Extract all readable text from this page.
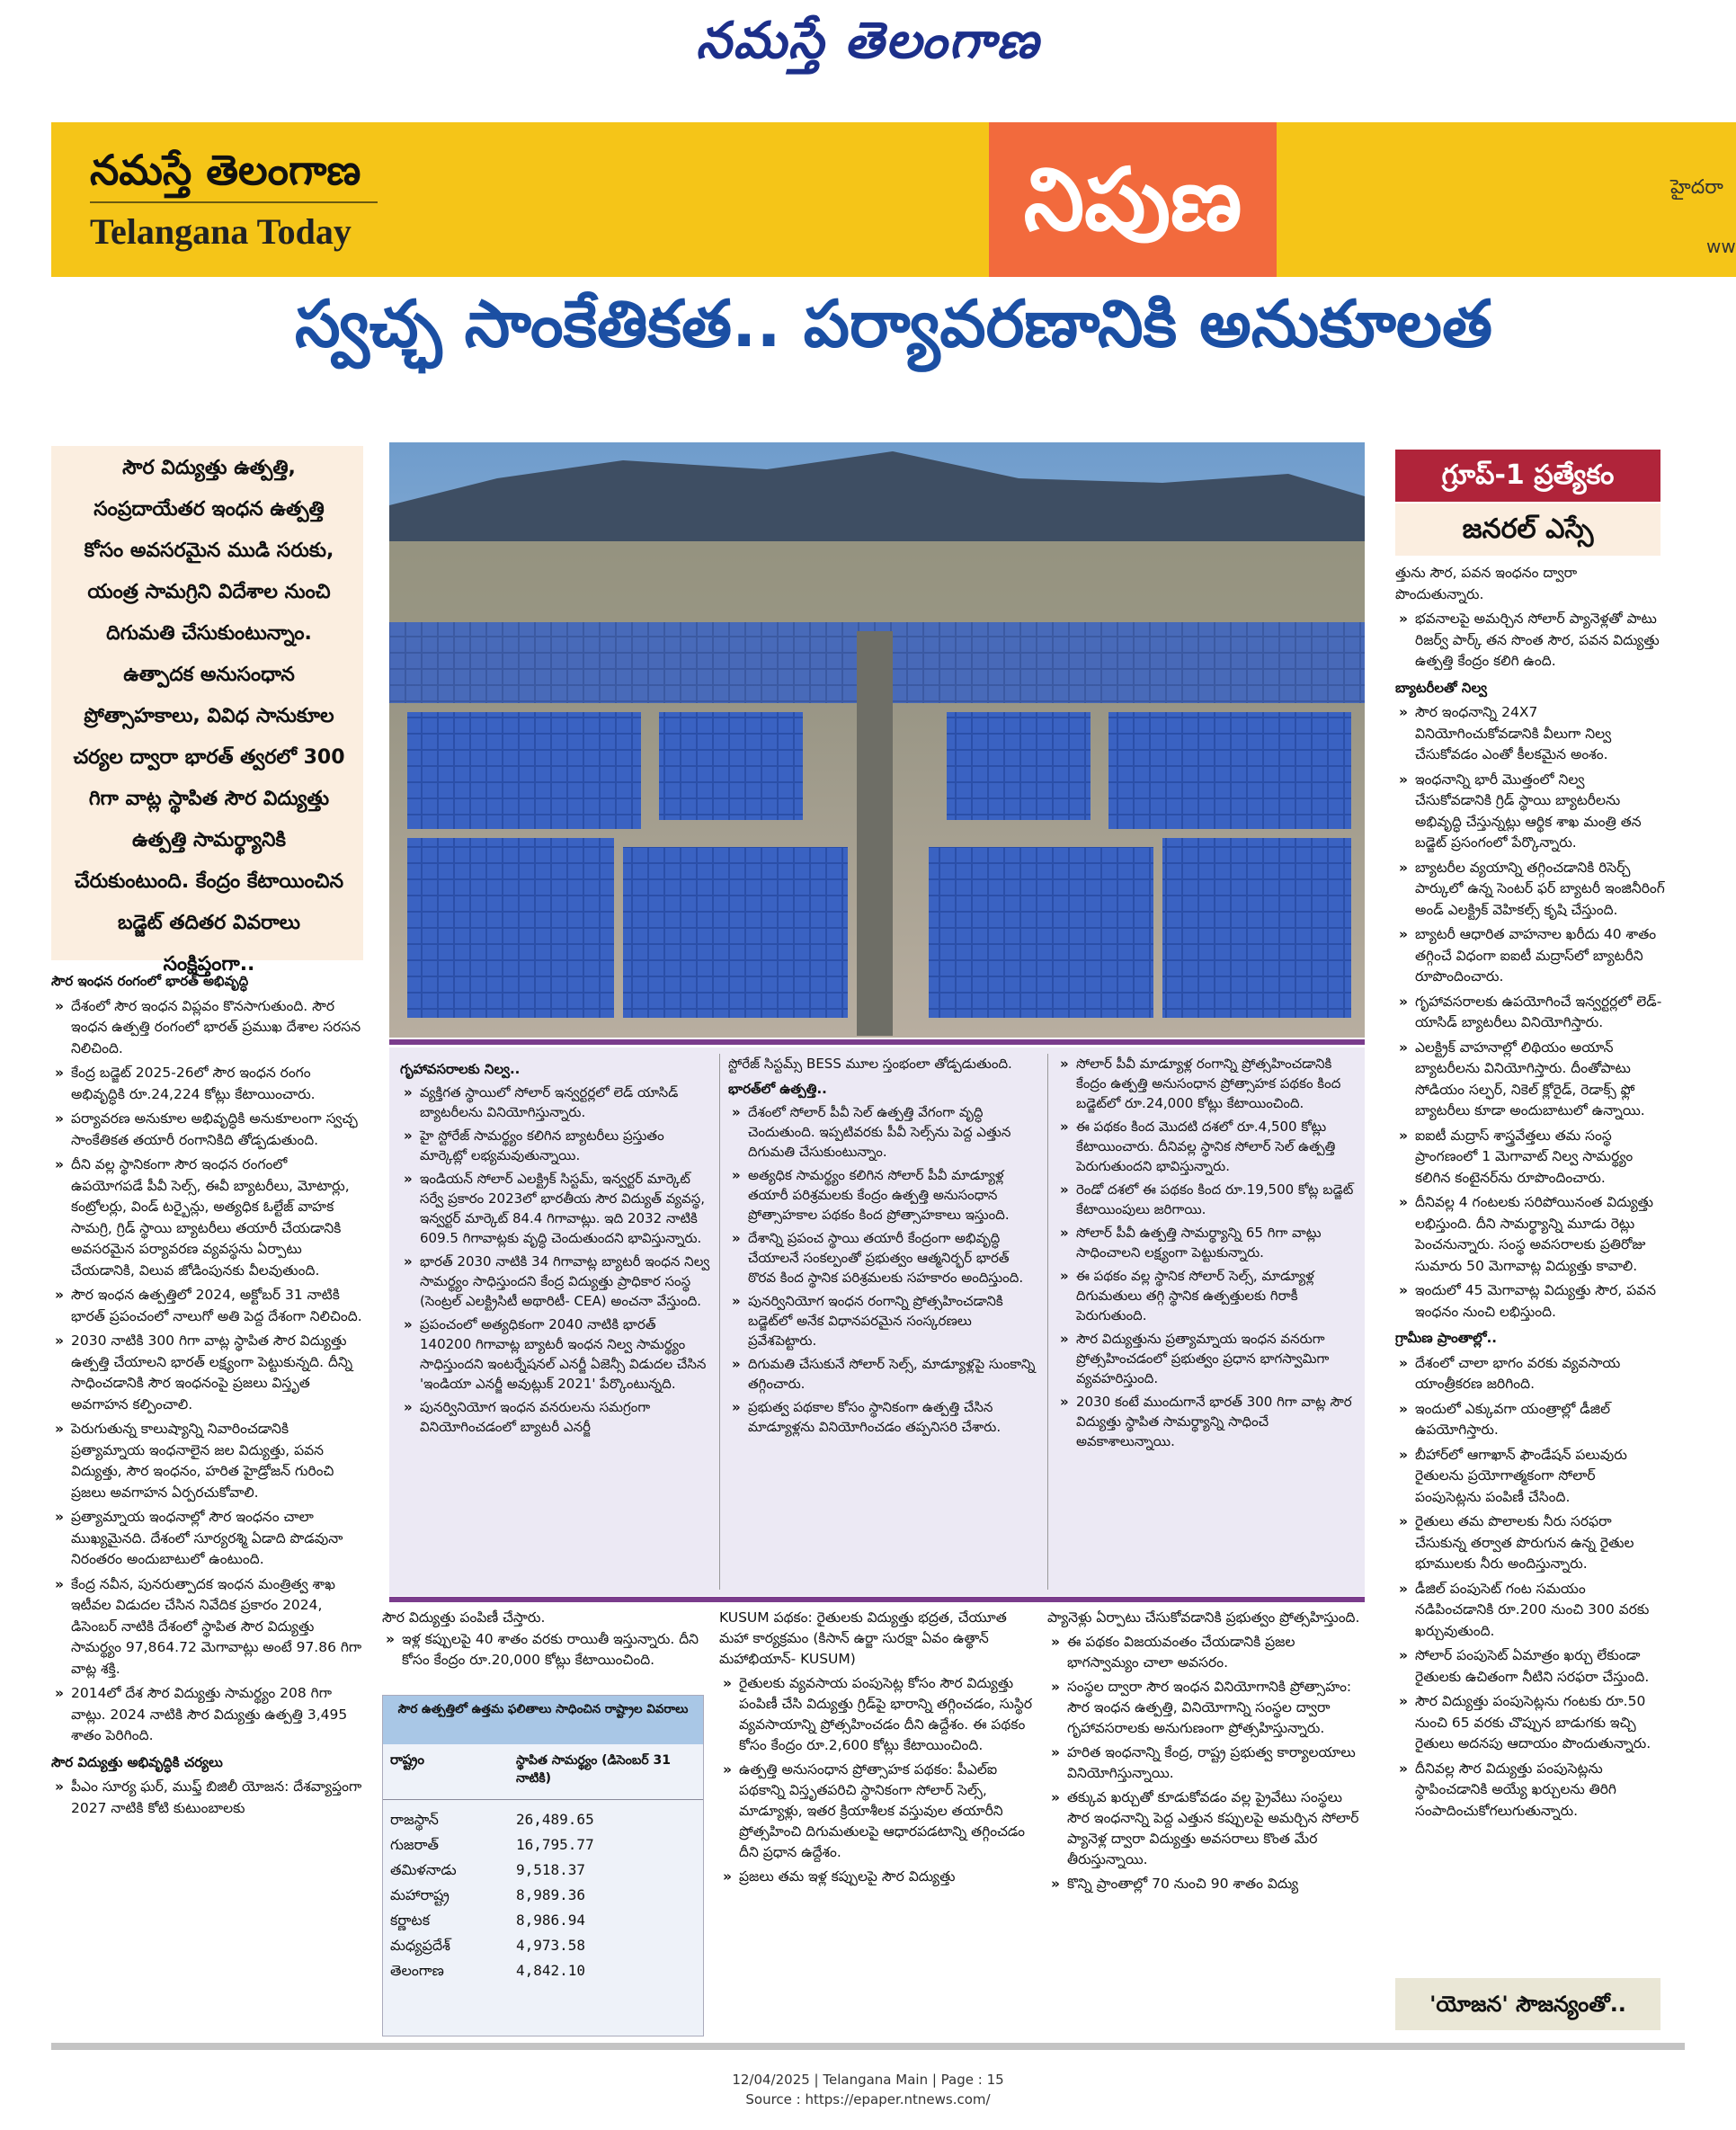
నమస్తే తెలంగాణ
నమస్తే తెలంగాణ
Telangana Today	నిపుణ	హైదరా
ww
స్వచ్ఛ సాంకేతికత.. పర్యావరణానికి అనుకూలత
సౌర విద్యుత్తు ఉత్పత్తి, సంప్రదాయేతర ఇంధన ఉత్పత్తి కోసం అవసరమైన ముడి సరుకు, యంత్ర సామగ్రిని విదేశాల నుంచి దిగుమతి చేసుకుంటున్నాం. ఉత్పాదక అనుసంధాన ప్రోత్సాహకాలు, వివిధ సానుకూల చర్యల ద్వారా భారత్ త్వరలో 300 గిగా వాట్ల స్థాపిత సౌర విద్యుత్తు ఉత్పత్తి సామర్థ్యానికి చేరుకుంటుంది. కేంద్రం కేటాయించిన బడ్జెట్ తదితర వివరాలు సంక్షిప్తంగా..
సౌర ఇంధన రంగంలో భారత్ అభివృద్ధి

» దేశంలో సౌర ఇంధన విప్లవం కొనసాగుతుంది. సౌర ఇంధన ఉత్పత్తి రంగంలో భారత్ ప్రముఖ దేశాల సరసన నిలిచింది.

» కేంద్ర బడ్జెట్ 2025-26లో సౌర ఇంధన రంగం అభివృద్ధికి రూ.24,224 కోట్లు కేటాయించారు.

» పర్యావరణ అనుకూల అభివృద్ధికి అనుకూలంగా స్వచ్ఛ సాంకేతికత తయారీ రంగానికిది తోడ్పడుతుంది.

» దీని వల్ల స్థానికంగా సౌర ఇంధన రంగంలో ఉపయోగపడే పీవీ సెల్స్, ఈవీ బ్యాటరీలు, మోటార్లు, కంట్రోలర్లు, విండ్ టర్బైన్లు, అత్యధిక ఓల్టేజ్ వాహక సామగ్రి, గ్రిడ్ స్థాయి బ్యాటరీలు తయారీ చేయడానికి అవసరమైన పర్యావరణ వ్యవస్థను ఏర్పాటు చేయడానికి, విలువ జోడింపునకు వీలవుతుంది.

» సౌర ఇంధన ఉత్పత్తిలో 2024, అక్టోబర్ 31 నాటికి భారత్ ప్రపంచంలో నాలుగో అతి పెద్ద దేశంగా నిలిచింది.

» 2030 నాటికి 300 గిగా వాట్ల స్థాపిత సౌర విద్యుత్తు ఉత్పత్తి చేయాలని భారత్ లక్ష్యంగా పెట్టుకున్నది. దీన్ని సాధించడానికి సౌర ఇంధనంపై ప్రజలు విస్తృత అవగాహన కల్పించాలి.

» పెరుగుతున్న కాలుష్యాన్ని నివారించడానికి ప్రత్యామ్నాయ ఇంధనాలైన జల విద్యుత్తు, పవన విద్యుత్తు, సౌర ఇంధనం, హరిత హైడ్రోజన్ గురించి ప్రజలు అవగాహన ఏర్పరచుకోవాలి.

» ప్రత్యామ్నాయ ఇంధనాల్లో సౌర ఇంధనం చాలా ముఖ్యమైనది. దేశంలో సూర్యరశ్మి ఏడాది పొడవునా నిరంతరం అందుబాటులో ఉంటుంది.

» కేంద్ర నవీన, పునరుత్పాదక ఇంధన మంత్రిత్వ శాఖ ఇటీవల విడుదల చేసిన నివేదిక ప్రకారం 2024, డిసెంబర్ నాటికి దేశంలో స్థాపిత సౌర విద్యుత్తు సామర్థ్యం 97,864.72 మెగావాట్లు అంటే 97.86 గిగా వాట్ల శక్తి.

» 2014లో దేశ సౌర విద్యుత్తు సామర్థ్యం 208 గిగా వాట్లు. 2024 నాటికి సౌర విద్యుత్తు ఉత్పత్తి 3,495 శాతం పెరిగింది.

సౌర విద్యుత్తు అభివృద్ధికి చర్యలు

» పీఎం సూర్య ఘర్, ముఫ్త్ బిజిలీ యోజన: దేశవ్యాప్తంగా 2027 నాటికి కోటి కుటుంబాలకు

గృహావసరాలకు నిల్వ..

» వ్యక్తిగత స్థాయిలో సోలార్ ఇన్వర్టర్లలో లెడ్ యాసిడ్ బ్యాటరీలను వినియోగిస్తున్నారు.

» హై స్టోరేజ్ సామర్థ్యం కలిగిన బ్యాటరీలు ప్రస్తుతం మార్కెట్లో లభ్యమవుతున్నాయి.

» ఇండియన్ సోలార్ ఎలక్ట్రిక్ సిస్టమ్, ఇన్వర్టర్ మార్కెట్ సర్వే ప్రకారం 2023లో భారతీయ సౌర విద్యుత్ వ్యవస్థ, ఇన్వర్టర్ మార్కెట్ 84.4 గిగావాట్లు. ఇది 2032 నాటికి 609.5 గిగావాట్లకు వృద్ధి చెందుతుందని భావిస్తున్నారు.

» భారత్ 2030 నాటికి 34 గిగావాట్ల బ్యాటరీ ఇంధన నిల్వ సామర్థ్యం సాధిస్తుందని కేంద్ర విద్యుత్తు ప్రాధికార సంస్థ (సెంట్రల్ ఎలక్ట్రిసిటీ అథారిటీ- CEA) అంచనా వేస్తుంది.

» ప్రపంచంలో అత్యధికంగా 2040 నాటికి భారత్ 140200 గిగావాట్ల బ్యాటరీ ఇంధన నిల్వ సామర్థ్యం సాధిస్తుందని ఇంటర్నేషనల్ ఎనర్జీ ఏజెన్సీ విడుదల చేసిన 'ఇండియా ఎనర్జీ అవుట్లుక్ 2021' పేర్కొంటున్నది.

» పునర్వినియోగ ఇంధన వనరులను సమగ్రంగా వినియోగించడంలో బ్యాటరీ ఎనర్జీ

స్టోరేజ్ సిస్టమ్స్ BESS మూల స్తంభంలా తోడ్పడుతుంది.

భారత్‌లో ఉత్పత్తి..

» దేశంలో సోలార్ పీవీ సెల్ ఉత్పత్తి వేగంగా వృద్ధి చెందుతుంది. ఇప్పటివరకు పీవీ సెల్స్‌ను పెద్ద ఎత్తున దిగుమతి చేసుకుంటున్నాం.

» అత్యధిక సామర్థ్యం కలిగిన సోలార్ పీవీ మాడ్యూళ్ల తయారీ పరిశ్రమలకు కేంద్రం ఉత్పత్తి అనుసంధాన ప్రోత్సాహకాల పథకం కింద ప్రోత్సాహకాలు ఇస్తుంది.

» దేశాన్ని ప్రపంచ స్థాయి తయారీ కేంద్రంగా అభివృద్ధి చేయాలనే సంకల్పంతో ప్రభుత్వం ఆత్మనిర్భర్ భారత్ ఠొరవ కింద స్థానిక పరిశ్రమలకు సహకారం అందిస్తుంది.

» పునర్వినియోగ ఇంధన రంగాన్ని ప్రోత్సహించడానికి బడ్జెట్‌లో అనేక విధానపరమైన సంస్కరణలు ప్రవేశపెట్టారు.

» దిగుమతి చేసుకునే సోలార్ సెల్స్, మాడ్యూళ్లపై సుంకాన్ని తగ్గించారు.

» ప్రభుత్వ పథకాల కోసం స్థానికంగా ఉత్పత్తి చేసిన మాడ్యూళ్లను వినియోగించడం తప్పనిసరి చేశారు.

» సోలార్ పీవీ మాడ్యూళ్ల రంగాన్ని ప్రోత్సహించడానికి కేంద్రం ఉత్పత్తి అనుసంధాన ప్రోత్సాహక పథకం కింద బడ్జెట్‌లో రూ.24,000 కోట్లు కేటాయించింది.

» ఈ పథకం కింద మొదటి దశలో రూ.4,500 కోట్లు కేటాయించారు. దీనివల్ల స్థానిక సోలార్ సెల్ ఉత్పత్తి పెరుగుతుందని భావిస్తున్నారు.

» రెండో దశలో ఈ పథకం కింద రూ.19,500 కోట్ల బడ్జెట్ కేటాయింపులు జరిగాయి.

» సోలార్ పీవీ ఉత్పత్తి సామర్థ్యాన్ని 65 గిగా వాట్లు సాధించాలని లక్ష్యంగా పెట్టుకున్నారు.

» ఈ పథకం వల్ల స్థానిక సోలార్ సెల్స్, మాడ్యూళ్ల దిగుమతులు తగ్గి స్థానిక ఉత్పత్తులకు గిరాకీ పెరుగుతుంది.

» సౌర విద్యుత్తును ప్రత్యామ్నాయ ఇంధన వనరుగా ప్రోత్సహించడంలో ప్రభుత్వం ప్రధాన భాగస్వామిగా వ్యవహరిస్తుంది.

» 2030 కంటే ముందుగానే భారత్ 300 గిగా వాట్ల సౌర విద్యుత్తు స్థాపిత సామర్థ్యాన్ని సాధించే అవకాశాలున్నాయి.

సౌర విద్యుత్తు పంపిణీ చేస్తారు.

సౌర ఉత్పత్తిలో ఉత్తమ ఫలితాలు సాధించిన రాష్ట్రాల వివరాలు
రాష్ట్రం	స్థాపిత సామర్థ్యం (డిసెంబర్ 31 నాటికి)
రాజస్థాన్	26,489.65
గుజరాత్	16,795.77
తమిళనాడు	9,518.37
మహారాష్ట్ర	8,989.36
కర్ణాటక	8,986.94
మధ్యప్రదేశ్	4,973.58
తెలంగాణ	4,842.10

» ఇళ్ల కప్పులపై 40 శాతం వరకు రాయితీ ఇస్తున్నారు. దీని కోసం కేంద్రం రూ.20,000 కోట్లు కేటాయించింది.

KUSUM పథకం: రైతులకు విద్యుత్తు భద్రత, చేయూత మహా కార్యక్రమం (కిసాన్ ఉర్జా సురక్షా ఏవం ఉత్థాన్ మహాభియాన్- KUSUM)

» రైతులకు వ్యవసాయ పంపుసెట్ల కోసం సౌర విద్యుత్తు పంపిణీ చేసి విద్యుత్తు గ్రిడ్‌పై భారాన్ని తగ్గించడం, సుస్థిర వ్యవసాయాన్ని ప్రోత్సహించడం దీని ఉద్దేశం. ఈ పథకం కోసం కేంద్రం రూ.2,600 కోట్లు కేటాయించింది.

» ఉత్పత్తి అనుసంధాన ప్రోత్సాహక పథకం: పీఎల్ఐ పథకాన్ని విస్తృతపరిచి స్థానికంగా సోలార్ సెల్స్, మాడ్యూళ్లు, ఇతర క్రియాశీలక వస్తువుల తయారీని ప్రోత్సహించి దిగుమతులపై ఆధారపడటాన్ని తగ్గించడం దీని ప్రధాన ఉద్దేశం.

» ప్రజలు తమ ఇళ్ల కప్పులపై సౌర విద్యుత్తు

ప్యానెళ్లు ఏర్పాటు చేసుకోవడానికి ప్రభుత్వం ప్రోత్సహిస్తుంది.

» ఈ పథకం విజయవంతం చేయడానికి ప్రజల భాగస్వామ్యం చాలా అవసరం.

» సంస్థల ద్వారా సౌర ఇంధన వినియోగానికి ప్రోత్సాహం: సౌర ఇంధన ఉత్పత్తి, వినియోగాన్ని సంస్థల ద్వారా గృహావసరాలకు అనుగుణంగా ప్రోత్సహిస్తున్నారు.

» హరిత ఇంధనాన్ని కేంద్ర, రాష్ట్ర ప్రభుత్వ కార్యాలయాలు వినియోగిస్తున్నాయి.

» తక్కువ ఖర్చుతో కూడుకోవడం వల్ల ప్రైవేటు సంస్థలు సౌర ఇంధనాన్ని పెద్ద ఎత్తున కప్పులపై అమర్చిన సోలార్ ప్యానెళ్ల ద్వారా విద్యుత్తు అవసరాలు కొంత మేర తీరుస్తున్నాయి.

» కొన్ని ప్రాంతాల్లో 70 నుంచి 90 శాతం విద్యు

గ్రూప్-1 ప్రత్యేకం
జనరల్ ఎస్సే

త్తును సౌర, పవన ఇంధనం ద్వారా పొందుతున్నారు.

» భవనాలపై అమర్చిన సోలార్ ప్యానెళ్లతో పాటు రిజర్వ్ పార్క్ తన సొంత సౌర, పవన విద్యుత్తు ఉత్పత్తి కేంద్రం కలిగి ఉంది.

బ్యాటరీలతో నిల్వ

» సౌర ఇంధనాన్ని 24X7 వినియోగించుకోవడానికి వీలుగా నిల్వ చేసుకోవడం ఎంతో కీలకమైన అంశం.

» ఇంధనాన్ని భారీ మొత్తంలో నిల్వ చేసుకోవడానికి గ్రిడ్ స్థాయి బ్యాటరీలను అభివృద్ధి చేస్తున్నట్లు ఆర్థిక శాఖ మంత్రి తన బడ్జెట్ ప్రసంగంలో పేర్కొన్నారు.

» బ్యాటరీల వ్యయాన్ని తగ్గించడానికి రిసెర్చ్ పార్కులో ఉన్న సెంటర్ ఫర్ బ్యాటరీ ఇంజినీరింగ్ అండ్ ఎలక్ట్రిక్ వెహికల్స్ కృషి చేస్తుంది.

» బ్యాటరీ ఆధారిత వాహనాల ఖరీదు 40 శాతం తగ్గించే విధంగా ఐఐటీ మద్రాస్‌లో బ్యాటరీని రూపొందించారు.

» గృహావసరాలకు ఉపయోగించే ఇన్వర్టర్లలో లెడ్-యాసిడ్ బ్యాటరీలు వినియోగిస్తారు.

» ఎలక్ట్రిక్ వాహనాల్లో లిథియం అయాన్ బ్యాటరీలను వినియోగిస్తారు. దీంతోపాటు సోడియం సల్ఫర్, నికెల్ క్లోరైడ్, రెడాక్స్ ఫ్లో బ్యాటరీలు కూడా అందుబాటులో ఉన్నాయి.

» ఐఐటీ మద్రాస్ శాస్త్రవేత్తలు తమ సంస్థ ప్రాంగణంలో 1 మెగావాట్ నిల్వ సామర్థ్యం కలిగిన కంటైనర్‌ను రూపొందించారు.

» దీనివల్ల 4 గంటలకు సరిపోయినంత విద్యుత్తు లభిస్తుంది. దీని సామర్థ్యాన్ని మూడు రెట్లు పెంచనున్నారు. సంస్థ అవసరాలకు ప్రతిరోజు సుమారు 50 మెగావాట్ల విద్యుత్తు కావాలి.

» ఇందులో 45 మెగావాట్ల విద్యుత్తు సౌర, పవన ఇంధనం నుంచి లభిస్తుంది.

గ్రామీణ ప్రాంతాల్లో..

» దేశంలో చాలా భాగం వరకు వ్యవసాయ యాంత్రీకరణ జరిగింది.

» ఇందులో ఎక్కువగా యంత్రాల్లో డీజిల్ ఉపయోగిస్తారు.

» బీహార్‌లో ఆగాఖాన్ ఫౌండేషన్ పలువురు రైతులను ప్రయోగాత్మకంగా సోలార్ పంపుసెట్లను పంపిణీ చేసింది.

» రైతులు తమ పొలాలకు నీరు సరఫరా చేసుకున్న తర్వాత పొరుగున ఉన్న రైతుల భూములకు నీరు అందిస్తున్నారు.

» డీజిల్ పంపుసెట్ గంట సమయం నడిపించడానికి రూ.200 నుంచి 300 వరకు ఖర్చువుతుంది.

» సోలార్ పంపుసెట్ ఏమాత్రం ఖర్చు లేకుండా రైతులకు ఉచితంగా నీటిని సరఫరా చేస్తుంది.

» సౌర విద్యుత్తు పంపుసెట్లను గంటకు రూ.50 నుంచి 65 వరకు చొప్పున బాడుగకు ఇచ్చి రైతులు అదనపు ఆదాయం పొందుతున్నారు.

» దీనివల్ల సౌర విద్యుత్తు పంపుసెట్లను స్థాపించడానికి అయ్యే ఖర్చులను తిరిగి సంపాదించుకోగలుగుతున్నారు.

'యోజన' సౌజన్యంతో..
12/04/2025 | Telangana Main | Page : 15
Source : https://epaper.ntnews.com/
